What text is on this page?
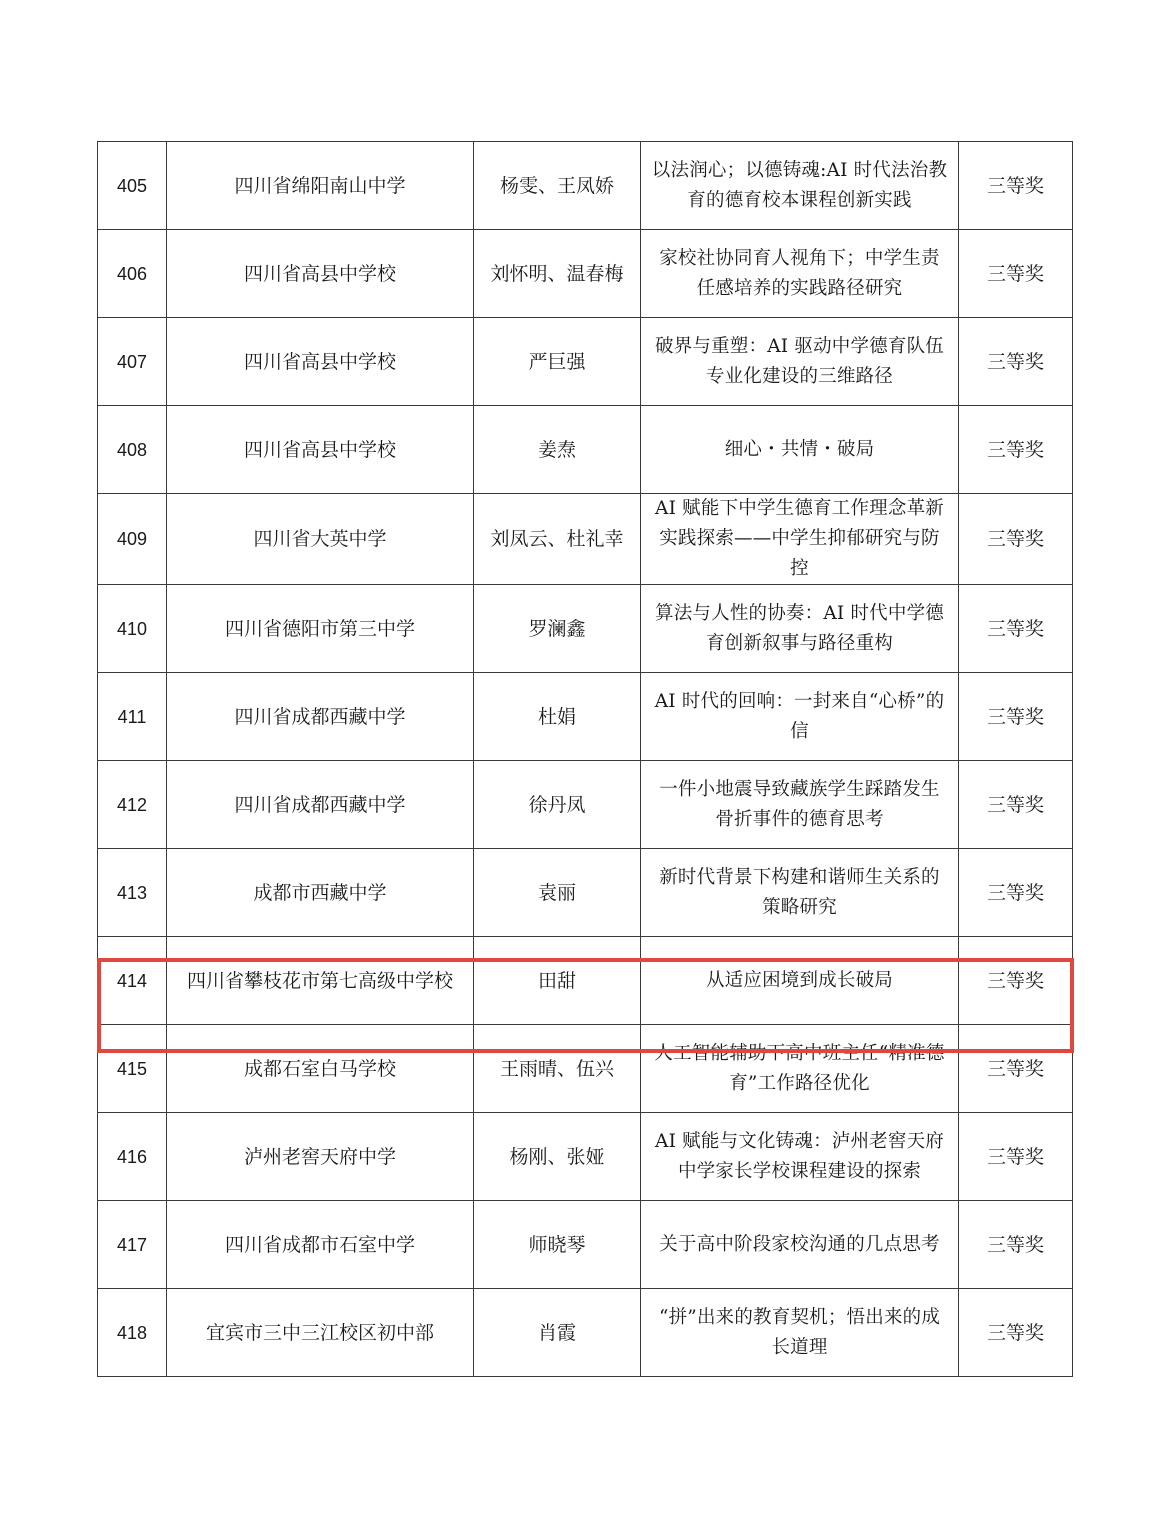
405	四川省绵阳南山中学	杨雯、王凤娇	以法润心；以德铸魂:AI 时代法治教育的德育校本课程创新实践	三等奖
406	四川省高县中学校	刘怀明、温春梅	家校社协同育人视角下；中学生责任感培养的实践路径研究	三等奖
407	四川省高县中学校	严巨强	破界与重塑：AI 驱动中学德育队伍专业化建设的三维路径	三等奖
408	四川省高县中学校	姜焘	细心・共情・破局	三等奖
409	四川省大英中学	刘凤云、杜礼幸	AI 赋能下中学生德育工作理念革新实践探索——中学生抑郁研究与防控	三等奖
410	四川省德阳市第三中学	罗澜鑫	算法与人性的协奏：AI 时代中学德育创新叙事与路径重构	三等奖
411	四川省成都西藏中学	杜娟	AI 时代的回响：一封来自“心桥”的信	三等奖
412	四川省成都西藏中学	徐丹凤	一件小地震导致藏族学生踩踏发生骨折事件的德育思考	三等奖
413	成都市西藏中学	袁丽	新时代背景下构建和谐师生关系的策略研究	三等奖
414	四川省攀枝花市第七高级中学校	田甜	从适应困境到成长破局	三等奖
415	成都石室白马学校	王雨晴、伍兴	人工智能辅助下高中班主任“精准德育”工作路径优化	三等奖
416	泸州老窖天府中学	杨刚、张娅	AI 赋能与文化铸魂：泸州老窖天府中学家长学校课程建设的探索	三等奖
417	四川省成都市石室中学	师晓琴	关于高中阶段家校沟通的几点思考	三等奖
418	宜宾市三中三江校区初中部	肖霞	“拼”出来的教育契机；悟出来的成长道理	三等奖
